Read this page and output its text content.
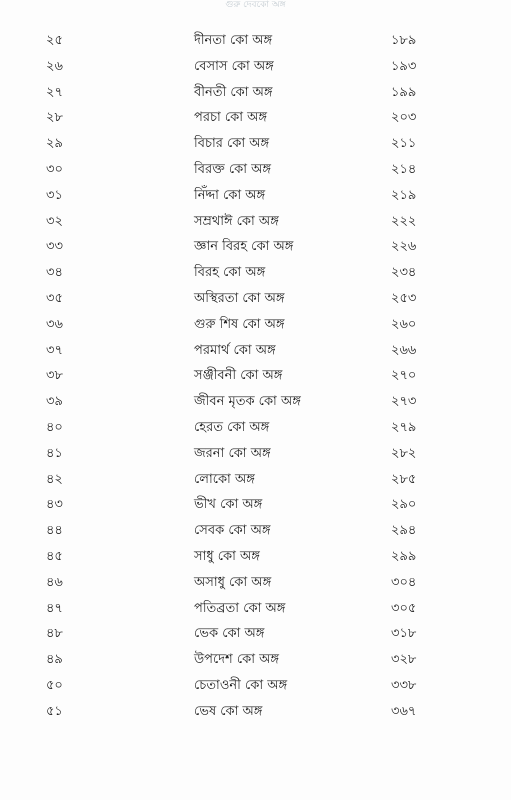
গুরু দেবকো অঙ্গ
২৫	দীনতা কো অঙ্গ	১৮৯
২৬	বেসাস কো অঙ্গ	১৯৩
২৭	বীনতী কো অঙ্গ	১৯৯
২৮	পরচা কো অঙ্গ	২০৩
২৯	বিচার কো অঙ্গ	২১১
৩০	বিরক্ত কো অঙ্গ	২১৪
৩১	নিঁদ্দা কো অঙ্গ	২১৯
৩২	সম্রথাঈ কো অঙ্গ	২২২
৩৩	জ্ঞান বিরহ কো অঙ্গ	২২৬
৩৪	বিরহ কো অঙ্গ	২৩৪
৩৫	অস্থিরতা কো অঙ্গ	২৫৩
৩৬	গুরু শিষ কো অঙ্গ	২৬০
৩৭	পরমার্থ কো অঙ্গ	২৬৬
৩৮	সঞ্জীবনী কো অঙ্গ	২৭০
৩৯	জীবন মৃতক কো অঙ্গ	২৭৩
৪০	হেরত কো অঙ্গ	২৭৯
৪১	জরনা কো অঙ্গ	২৮২
৪২	লোকো অঙ্গ	২৮৫
৪৩	ভীখ কো অঙ্গ	২৯০
৪৪	সেবক কো অঙ্গ	২৯৪
৪৫	সাধু কো অঙ্গ	২৯৯
৪৬	অসাধু কো অঙ্গ	৩০৪
৪৭	পতিব্রতা কো অঙ্গ	৩০৫
৪৮	ভেক কো অঙ্গ	৩১৮
৪৯	উপদেশ কো অঙ্গ	৩২৮
৫০	চেতাওনী কো অঙ্গ	৩৩৮
৫১	ভেষ কো অঙ্গ	৩৬৭
